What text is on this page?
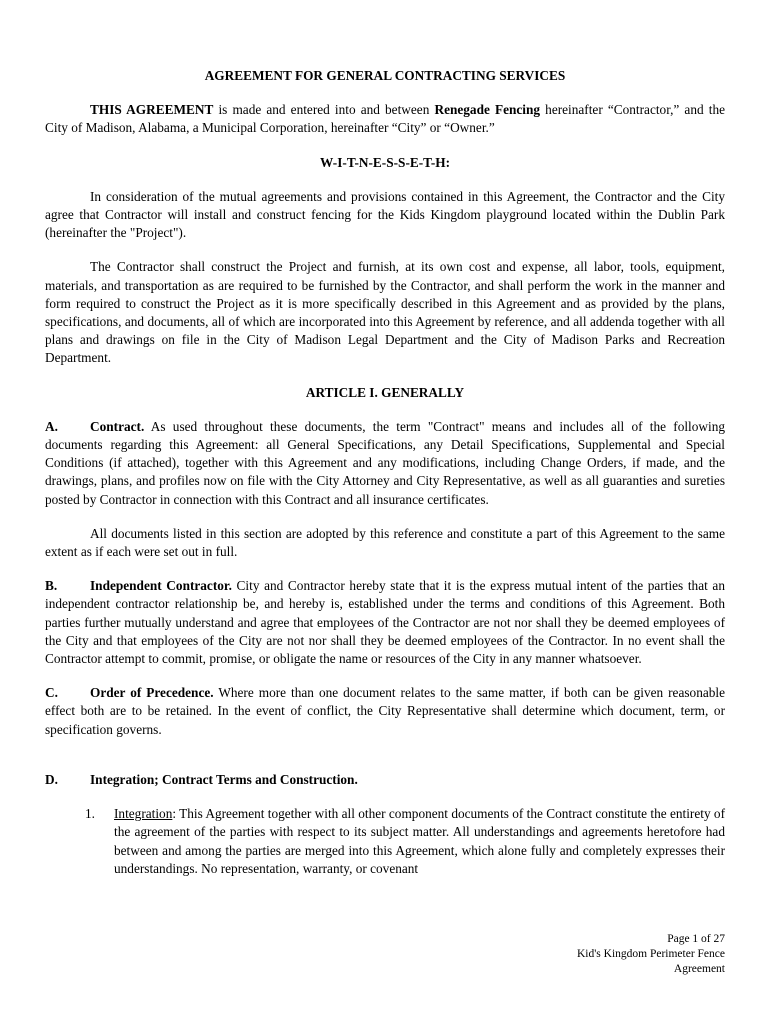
AGREEMENT FOR GENERAL CONTRACTING SERVICES

THIS AGREEMENT is made and entered into and between Renegade Fencing hereinafter “Contractor,” and the City of Madison, Alabama, a Municipal Corporation, hereinafter “City” or “Owner.”

W-I-T-N-E-S-S-E-T-H:

In consideration of the mutual agreements and provisions contained in this Agreement, the Contractor and the City agree that Contractor will install and construct fencing for the Kids Kingdom playground located within the Dublin Park (hereinafter the "Project").

The Contractor shall construct the Project and furnish, at its own cost and expense, all labor, tools, equipment, materials, and transportation as are required to be furnished by the Contractor, and shall perform the work in the manner and form required to construct the Project as it is more specifically described in this Agreement and as provided by the plans, specifications, and documents, all of which are incorporated into this Agreement by reference, and all addenda together with all plans and drawings on file in the City of Madison Legal Department and the City of Madison Parks and Recreation Department.

ARTICLE I. GENERALLY

A. Contract. As used throughout these documents, the term "Contract" means and includes all of the following documents regarding this Agreement: all General Specifications, any Detail Specifications, Supplemental and Special Conditions (if attached), together with this Agreement and any modifications, including Change Orders, if made, and the drawings, plans, and profiles now on file with the City Attorney and City Representative, as well as all guaranties and sureties posted by Contractor in connection with this Contract and all insurance certificates.

All documents listed in this section are adopted by this reference and constitute a part of this Agreement to the same extent as if each were set out in full.

B. Independent Contractor. City and Contractor hereby state that it is the express mutual intent of the parties that an independent contractor relationship be, and hereby is, established under the terms and conditions of this Agreement. Both parties further mutually understand and agree that employees of the Contractor are not nor shall they be deemed employees of the City and that employees of the City are not nor shall they be deemed employees of the Contractor. In no event shall the Contractor attempt to commit, promise, or obligate the name or resources of the City in any manner whatsoever.

C. Order of Precedence. Where more than one document relates to the same matter, if both can be given reasonable effect both are to be retained. In the event of conflict, the City Representative shall determine which document, term, or specification governs.

D. Integration; Contract Terms and Construction.

1.	Integration: This Agreement together with all other component documents of the Contract constitute the entirety of the agreement of the parties with respect to its subject matter. All understandings and agreements heretofore had between and among the parties are merged into this Agreement, which alone fully and completely expresses their understandings. No representation, warranty, or covenant
Page 1 of 27
Kid's Kingdom Perimeter Fence
Agreement
